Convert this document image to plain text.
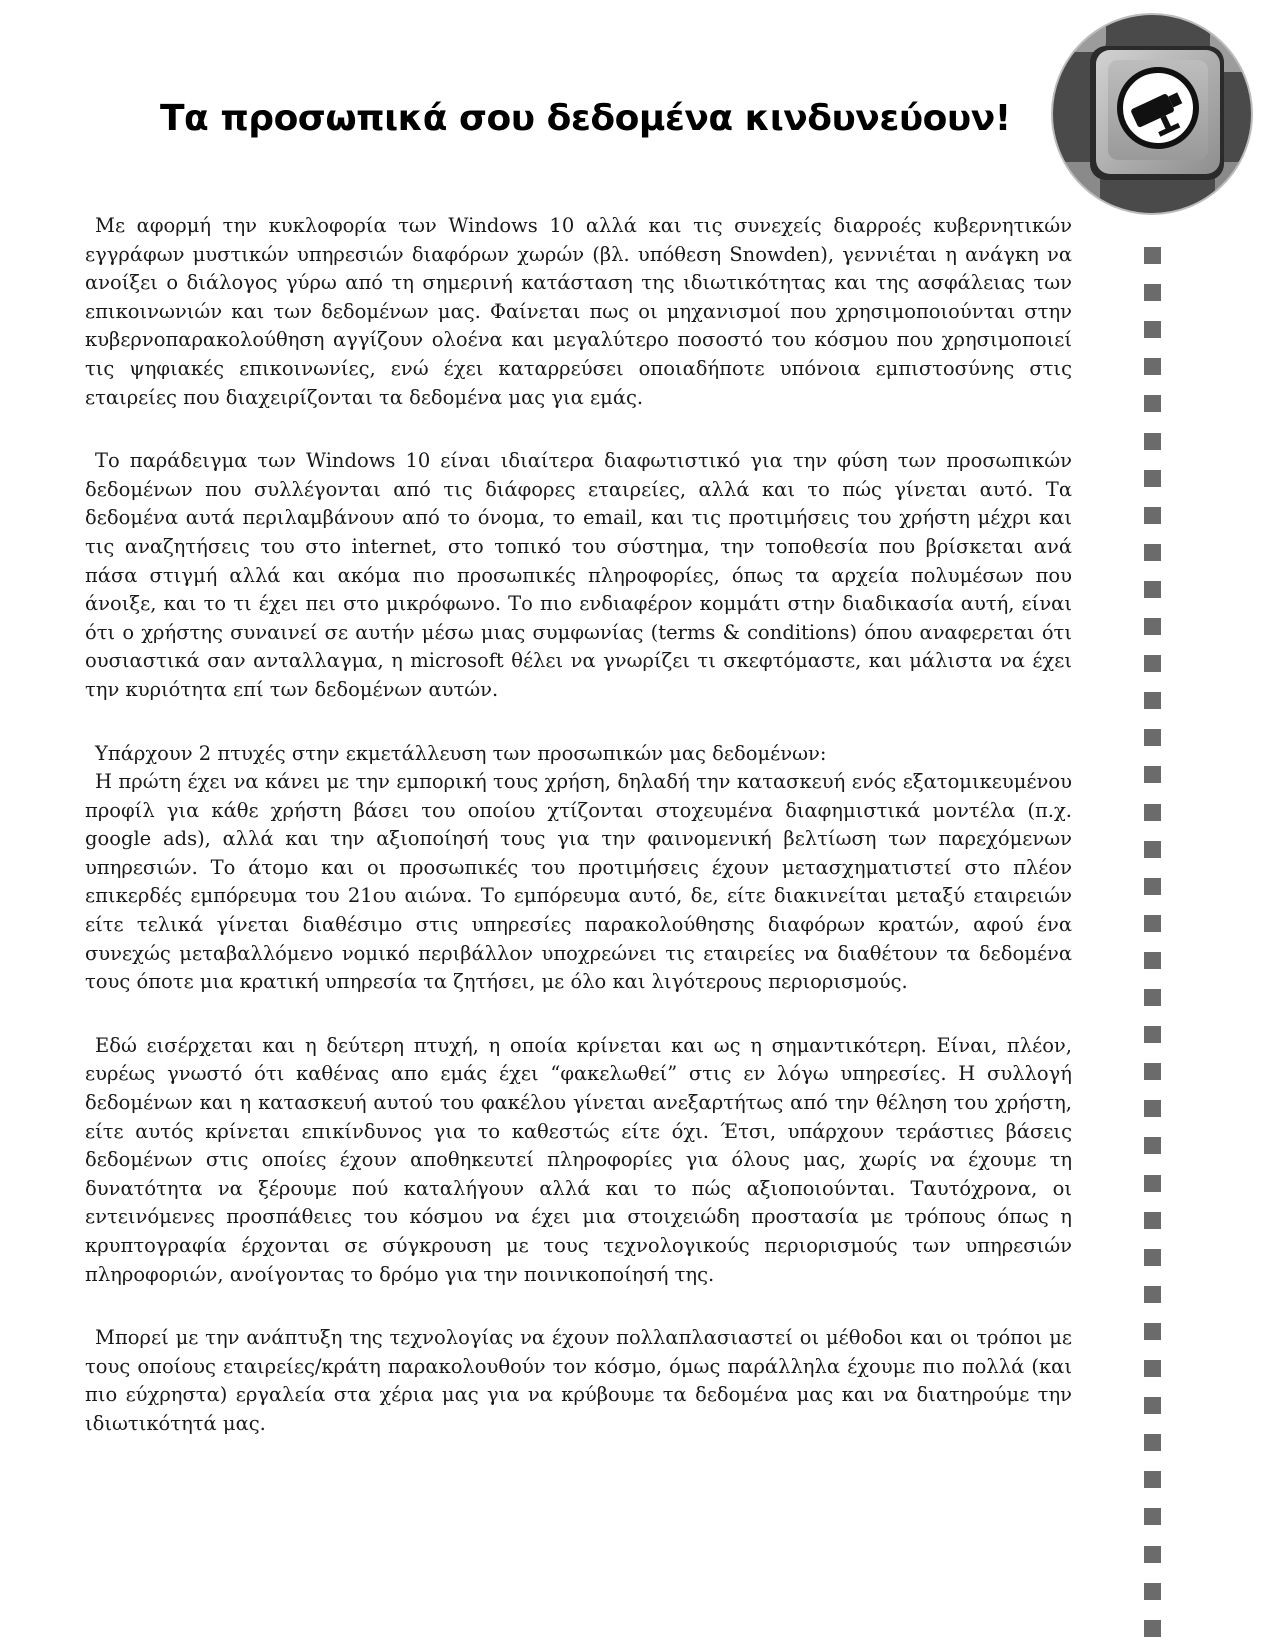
Τα προσωπικά σου δεδομένα κινδυνεύουν!

Με αφορμή την κυκλοφορία των Windows 10 αλλά και τις συνεχείς διαρροές κυβερνητικών εγγράφων μυστικών υπηρεσιών διαφόρων χωρών (βλ. υπόθεση Snowden), γεννιέται η ανάγκη να ανοίξει ο διάλογος γύρω από τη σημερινή κατάσταση της ιδιωτικότητας και της ασφάλειας των επικοινωνιών και των δεδομένων μας. Φαίνεται πως οι μηχανισμοί που χρησιμοποιούνται στην κυβερνοπαρακολούθηση αγγίζουν ολοένα και μεγαλύτερο ποσοστό του κόσμου που χρησιμοποιεί τις ψηφιακές επικοινωνίες, ενώ έχει καταρρεύσει οποιαδήποτε υπόνοια εμπιστοσύνης στις εταιρείες που διαχειρίζονται τα δεδομένα μας για εμάς.

Το παράδειγμα των Windows 10 είναι ιδιαίτερα διαφωτιστικό για την φύση των προσωπικών δεδομένων που συλλέγονται από τις διάφορες εταιρείες, αλλά και το πώς γίνεται αυτό. Τα δεδομένα αυτά περιλαμβάνουν από το όνομα, το email, και τις προτιμήσεις του χρήστη μέχρι και τις αναζητήσεις του στο internet, στο τοπικό του σύστημα, την τοποθεσία που βρίσκεται ανά πάσα στιγμή αλλά και ακόμα πιο προσωπικές πληροφορίες, όπως τα αρχεία πολυμέσων που άνοιξε, και το τι έχει πει στο μικρόφωνο. Το πιο ενδιαφέρον κομμάτι στην διαδικασία αυτή, είναι ότι ο χρήστης συναινεί σε αυτήν μέσω μιας συμφωνίας (terms & conditions) όπου αναφερεται ότι ουσιαστικά σαν ανταλλαγμα, η microsoft θέλει να γνωρίζει τι σκεφτόμαστε, και μάλιστα να έχει την κυριότητα επί των δεδομένων αυτών.

Υπάρχουν 2 πτυχές στην εκμετάλλευση των προσωπικών μας δεδομένων:

Η πρώτη έχει να κάνει με την εμπορική τους χρήση, δηλαδή την κατασκευή ενός εξατομικευμένου προφίλ για κάθε χρήστη βάσει του οποίου χτίζονται στοχευμένα διαφημιστικά μοντέλα (π.χ. google ads), αλλά και την αξιοποίησή τους για την φαινομενική βελτίωση των παρεχόμενων υπηρεσιών. Το άτομο και οι προσωπικές του προτιμήσεις έχουν μετασχηματιστεί στο πλέον επικερδές εμπόρευμα του 21ου αιώνα. Το εμπόρευμα αυτό, δε, είτε διακινείται μεταξύ εταιρειών είτε τελικά γίνεται διαθέσιμο στις υπηρεσίες παρακολούθησης διαφόρων κρατών, αφού ένα συνεχώς μεταβαλλόμενο νομικό περιβάλλον υποχρεώνει τις εταιρείες να διαθέτουν τα δεδομένα τους όποτε μια κρατική υπηρεσία τα ζητήσει, με όλο και λιγότερους περιορισμούς.

Εδώ εισέρχεται και η δεύτερη πτυχή, η οποία κρίνεται και ως η σημαντικότερη. Είναι, πλέον, ευρέως γνωστό ότι καθένας απο εμάς έχει “φακελωθεί” στις εν λόγω υπηρεσίες. Η συλλογή δεδομένων και η κατασκευή αυτού του φακέλου γίνεται ανεξαρτήτως από την θέληση του χρήστη, είτε αυτός κρίνεται επικίνδυνος για το καθεστώς είτε όχι. Έτσι, υπάρχουν τεράστιες βάσεις δεδομένων στις οποίες έχουν αποθηκευτεί πληροφορίες για όλους μας, χωρίς να έχουμε τη δυνατότητα να ξέρουμε πού καταλήγουν αλλά και το πώς αξιοποιούνται. Ταυτόχρονα, οι εντεινόμενες προσπάθειες του κόσμου να έχει μια στοιχειώδη προστασία με τρόπους όπως η κρυπτογραφία έρχονται σε σύγκρουση με τους τεχνολογικούς περιορισμούς των υπηρεσιών πληροφοριών, ανοίγοντας το δρόμο για την ποινικοποίησή της.

Μπορεί με την ανάπτυξη της τεχνολογίας να έχουν πολλαπλασιαστεί οι μέθοδοι και οι τρόποι με τους οποίους εταιρείες/κράτη παρακολουθούν τον κόσμο, όμως παράλληλα έχουμε πιο πολλά (και πιο εύχρηστα) εργαλεία στα χέρια μας για να κρύβουμε τα δεδομένα μας και να διατηρούμε την ιδιωτικότητά μας.
